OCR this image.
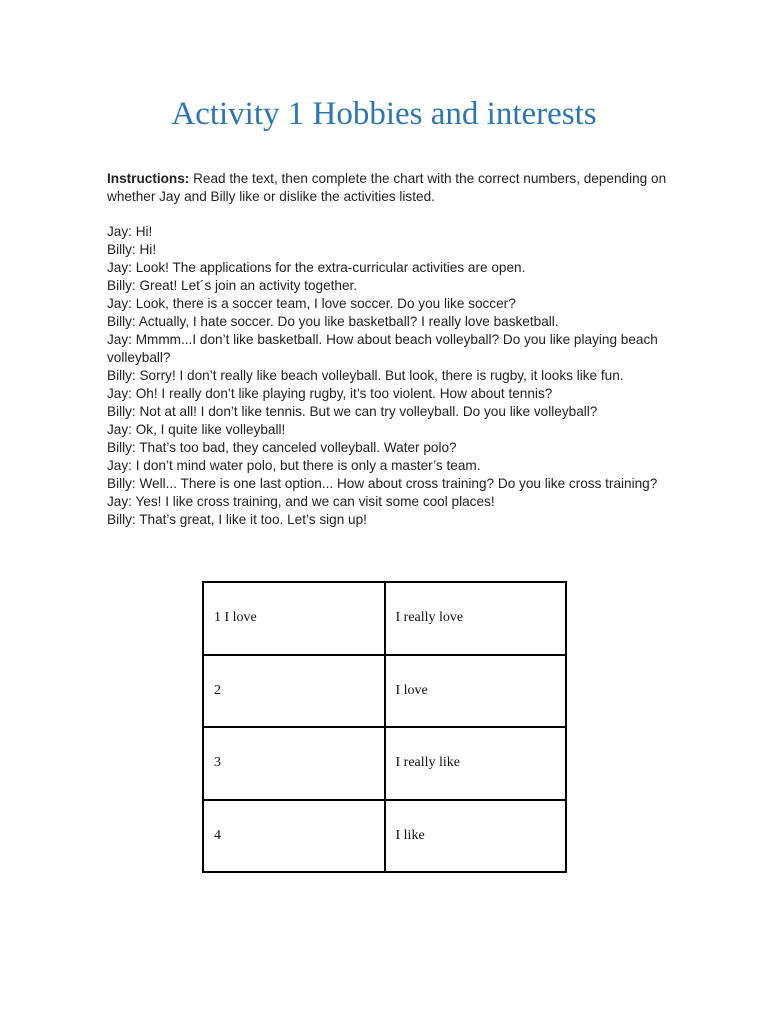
Activity 1 Hobbies and interests

Instructions: Read the text, then complete the chart with the correct numbers, depending on whether Jay and Billy like or dislike the activities listed.

Jay: Hi!
Billy: Hi!
Jay: Look! The applications for the extra-curricular activities are open.
Billy: Great! Let´s join an activity together.
Jay: Look, there is a soccer team, I love soccer. Do you like soccer?
Billy: Actually, I hate soccer. Do you like basketball? I really love basketball.
Jay: Mmmm...I don’t like basketball. How about beach volleyball? Do you like playing beach volleyball?
Billy: Sorry! I don’t really like beach volleyball. But look, there is rugby, it looks like fun.
Jay: Oh! I really don’t like playing rugby, it’s too violent. How about tennis?
Billy: Not at all! I don’t like tennis. But we can try volleyball. Do you like volleyball?
Jay: Ok, I quite like volleyball!
Billy: That’s too bad, they canceled volleyball. Water polo?
Jay: I don’t mind water polo, but there is only a master’s team.
Billy: Well... There is one last option... How about cross training? Do you like cross training?
Jay: Yes! I like cross training, and we can visit some cool places!
Billy: That’s great, I like it too. Let’s sign up!
1 I love	I really love
2	I love
3	I really like
4	I like
